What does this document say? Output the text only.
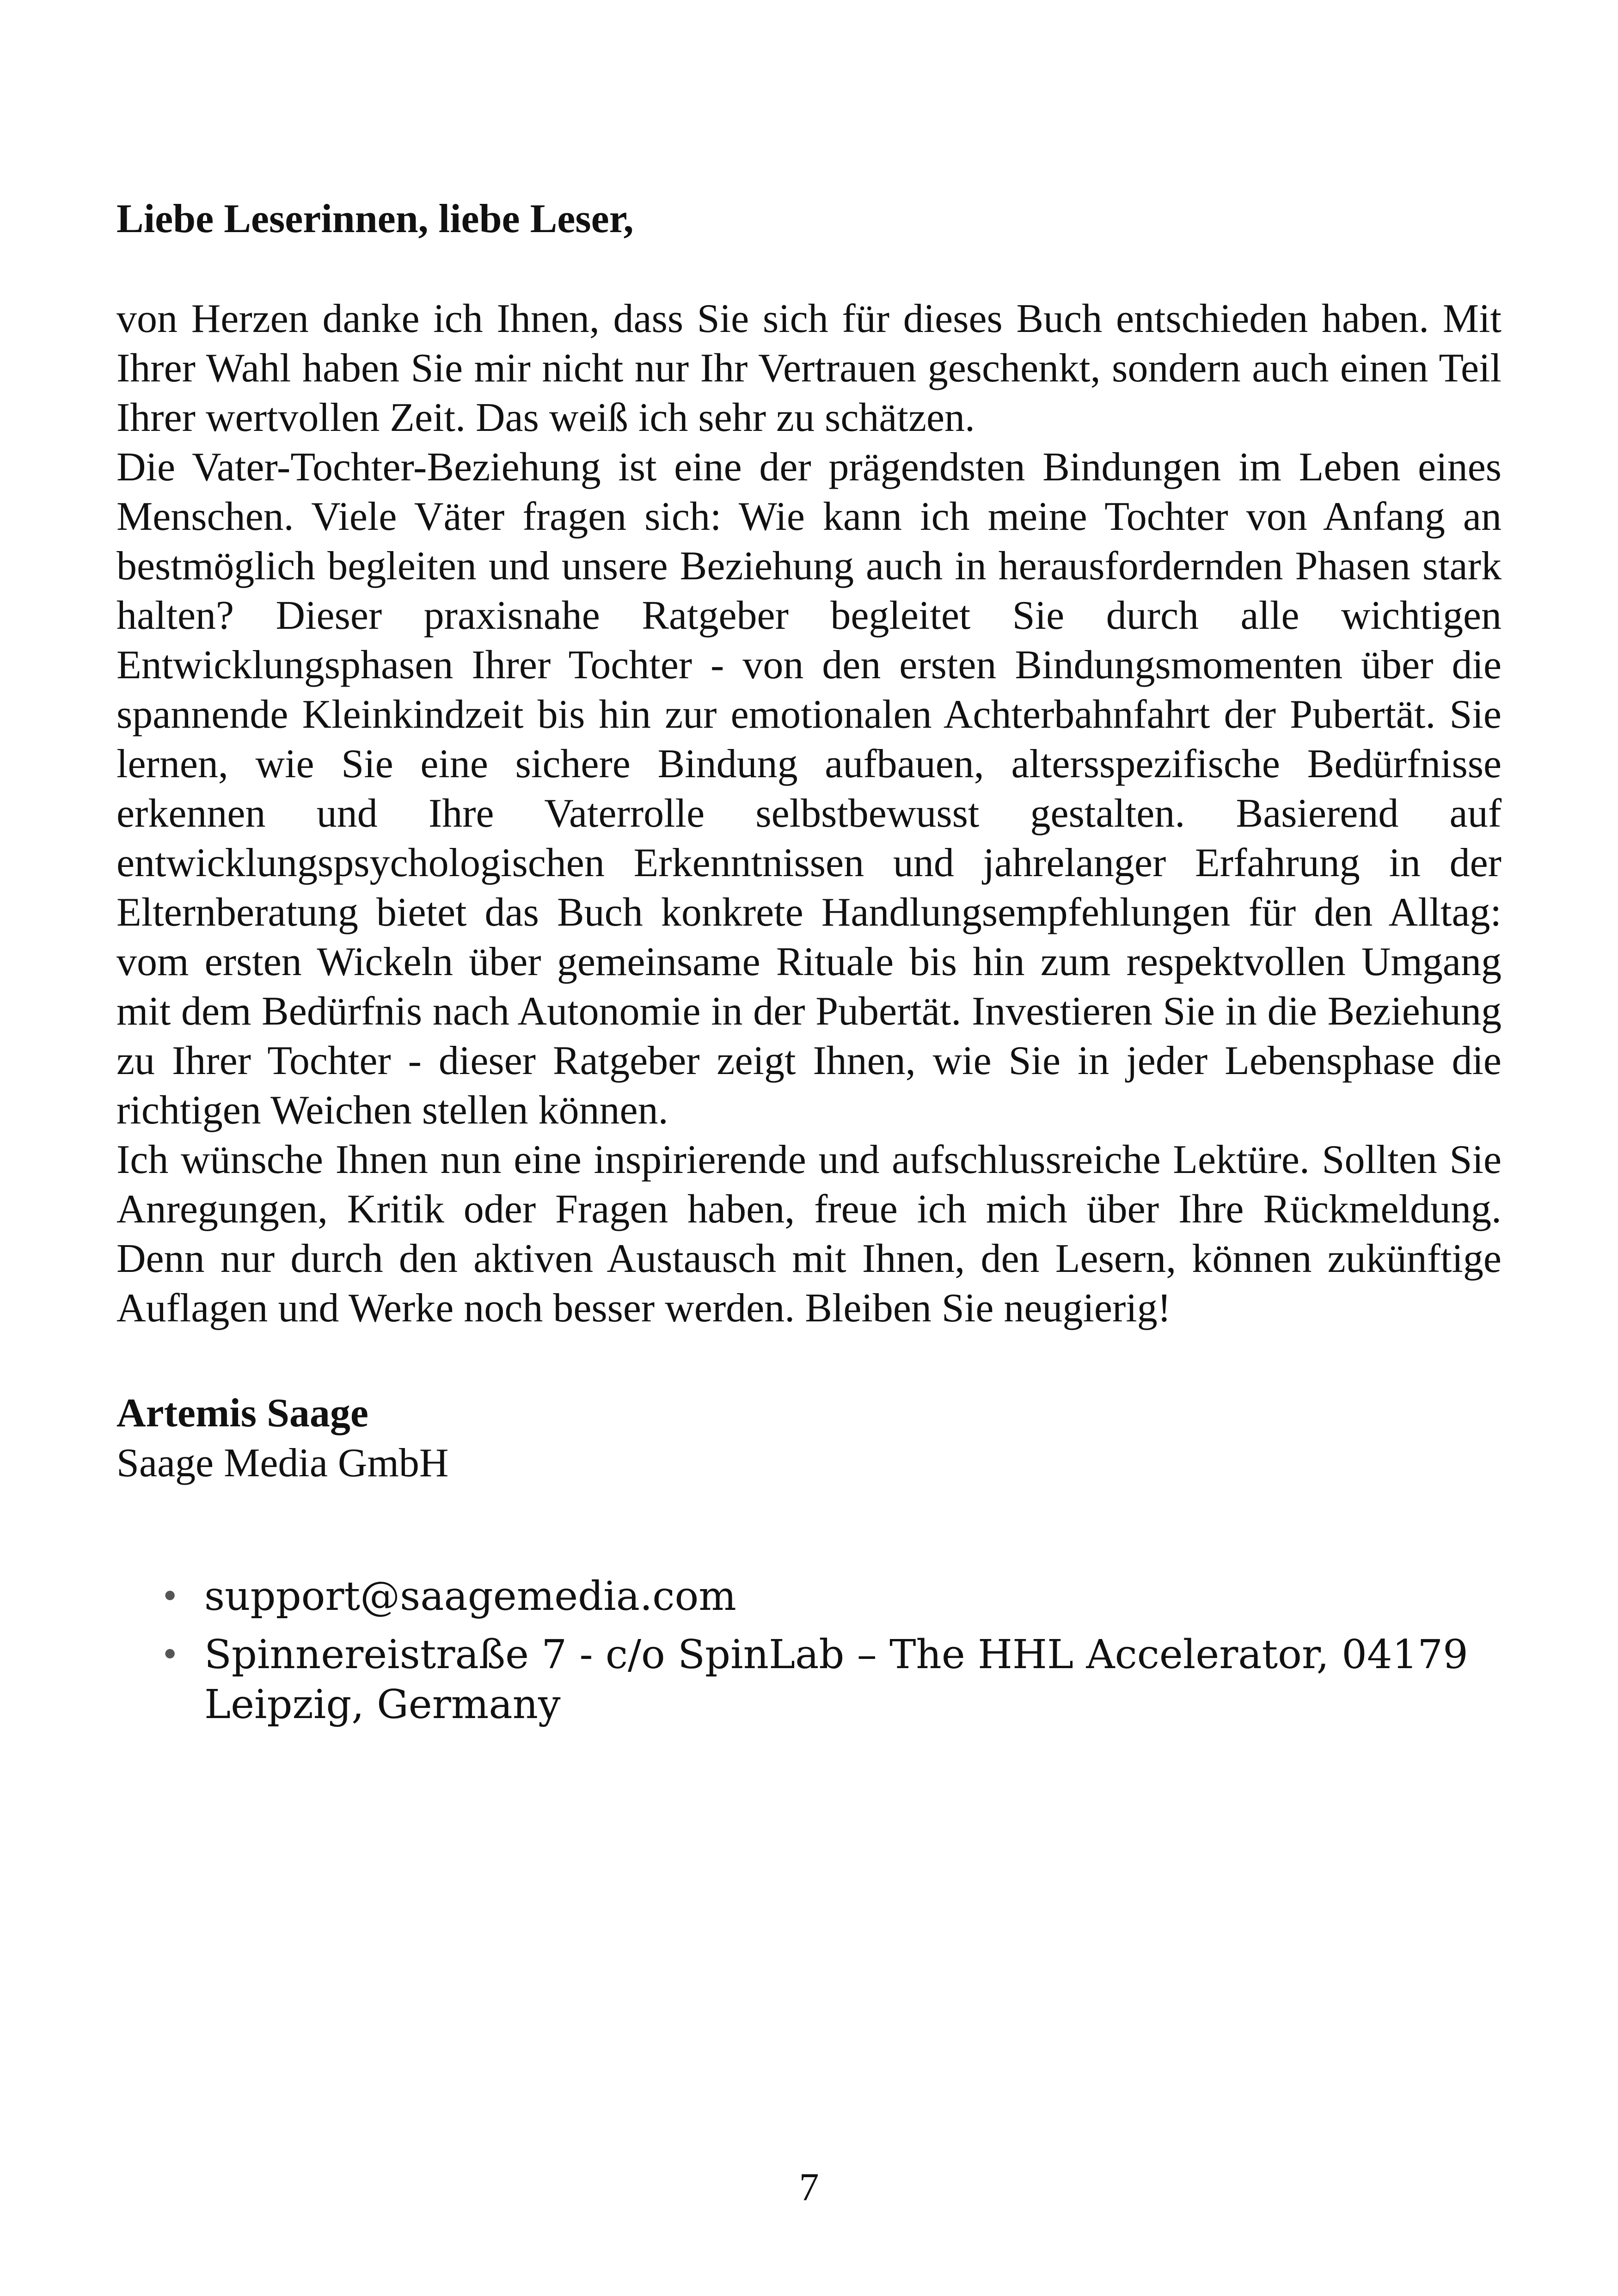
Liebe Leserinnen, liebe Leser,

von Herzen danke ich Ihnen, dass Sie sich für dieses Buch entschieden haben. Mit Ihrer Wahl haben Sie mir nicht nur Ihr Vertrauen geschenkt, sondern auch einen Teil Ihrer wertvollen Zeit. Das weiß ich sehr zu schätzen.

Die Vater-Tochter-Beziehung ist eine der prägendsten Bindungen im Leben eines Menschen. Viele Väter fragen sich: Wie kann ich meine Tochter von Anfang an bestmöglich begleiten und unsere Beziehung auch in herausfordernden Phasen stark halten? Dieser praxisnahe Ratgeber begleitet Sie durch alle wichtigen Entwicklungsphasen Ihrer Tochter - von den ersten Bindungsmomenten über die spannende Kleinkindzeit bis hin zur emotionalen Achterbahnfahrt der Pubertät. Sie lernen, wie Sie eine sichere Bindung aufbauen, altersspezifische Bedürfnisse erkennen und Ihre Vaterrolle selbstbewusst gestalten. Basierend auf entwicklungspsychologischen Erkenntnissen und jahrelanger Erfahrung in der Elternberatung bietet das Buch konkrete Handlungsempfehlungen für den Alltag: vom ersten Wickeln über gemeinsame Rituale bis hin zum respektvollen Umgang mit dem Bedürfnis nach Autonomie in der Pubertät. Investieren Sie in die Beziehung zu Ihrer Tochter - dieser Ratgeber zeigt Ihnen, wie Sie in jeder Lebensphase die richtigen Weichen stellen können.

Ich wünsche Ihnen nun eine inspirierende und aufschlussreiche Lektüre. Sollten Sie Anregungen, Kritik oder Fragen haben, freue ich mich über Ihre Rückmeldung. Denn nur durch den aktiven Austausch mit Ihnen, den Lesern, können zukünftige Auflagen und Werke noch besser werden. Bleiben Sie neugierig!

Artemis Saage
Saage Media GmbH
• support@saagemedia.com
• Spinnereistraße 7 - c/o SpinLab – The HHL Accelerator, 04179 Leipzig, Germany
7
